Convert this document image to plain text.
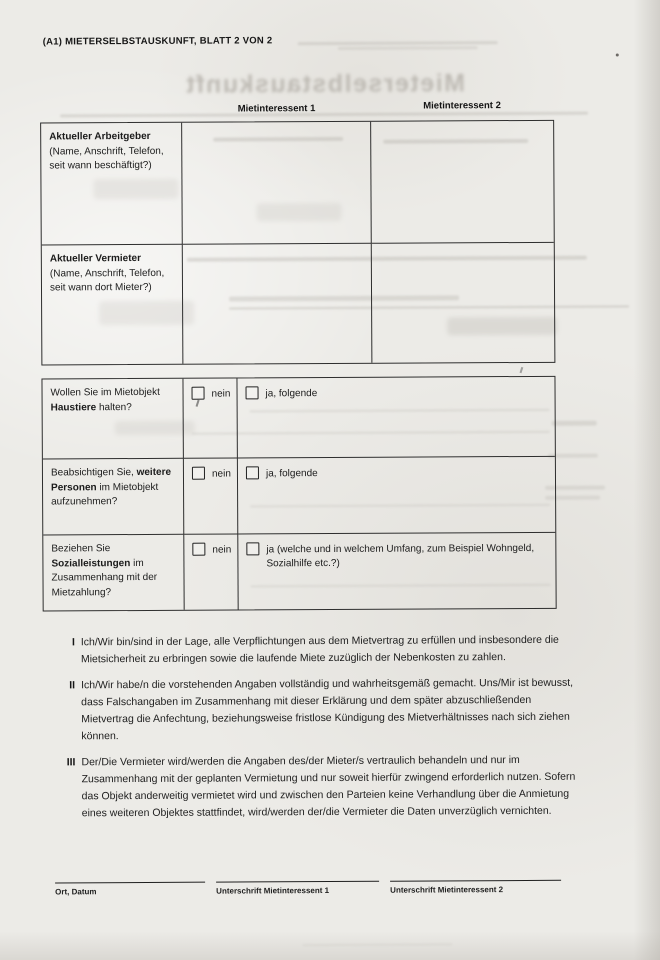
Mieterselbstauskunft
(A1) MIETERSELBSTAUSKUNFT, BLATT 2 VON 2
Mietinteressent 1	Mietinteressent 2
Aktueller Arbeitgeber
(Name, Anschrift, Telefon, seit wann beschäftigt?)
Aktueller Vermieter
(Name, Anschrift, Telefon, seit wann dort Mieter?)
Wollen Sie im Mietobjekt Haustiere halten?
nein	ja, folgende
Beabsichtigen Sie, weitere Personen im Mietobjekt aufzunehmen?
nein	ja, folgende
Beziehen Sie Sozialleistungen im Zusammenhang mit der Mietzahlung?
nein	ja (welche und in welchem Umfang, zum Beispiel Wohngeld, Sozialhilfe etc.?)
I Ich/Wir bin/sind in der Lage, alle Verpflichtungen aus dem Mietvertrag zu erfüllen und insbesondere die Mietsicherheit zu erbringen sowie die laufende Miete zuzüglich der Nebenkosten zu zahlen.
II Ich/Wir habe/n die vorstehenden Angaben vollständig und wahrheitsgemäß gemacht. Uns/Mir ist bewusst, dass Falschangaben im Zusammenhang mit dieser Erklärung und dem später abzuschließenden Mietvertrag die Anfechtung, beziehungsweise fristlose Kündigung des Mietverhältnisses nach sich ziehen können.
III Der/Die Vermieter wird/werden die Angaben des/der Mieter/s vertraulich behandeln und nur im Zusammenhang mit der geplanten Vermietung und nur soweit hierfür zwingend erforderlich nutzen. Sofern das Objekt anderweitig vermietet wird und zwischen den Parteien keine Verhandlung über die Anmietung eines weiteren Objektes stattfindet, wird/werden der/die Vermieter die Daten unverzüglich vernichten.
Ort, Datum	Unterschrift Mietinteressent 1	Unterschrift Mietinteressent 2
